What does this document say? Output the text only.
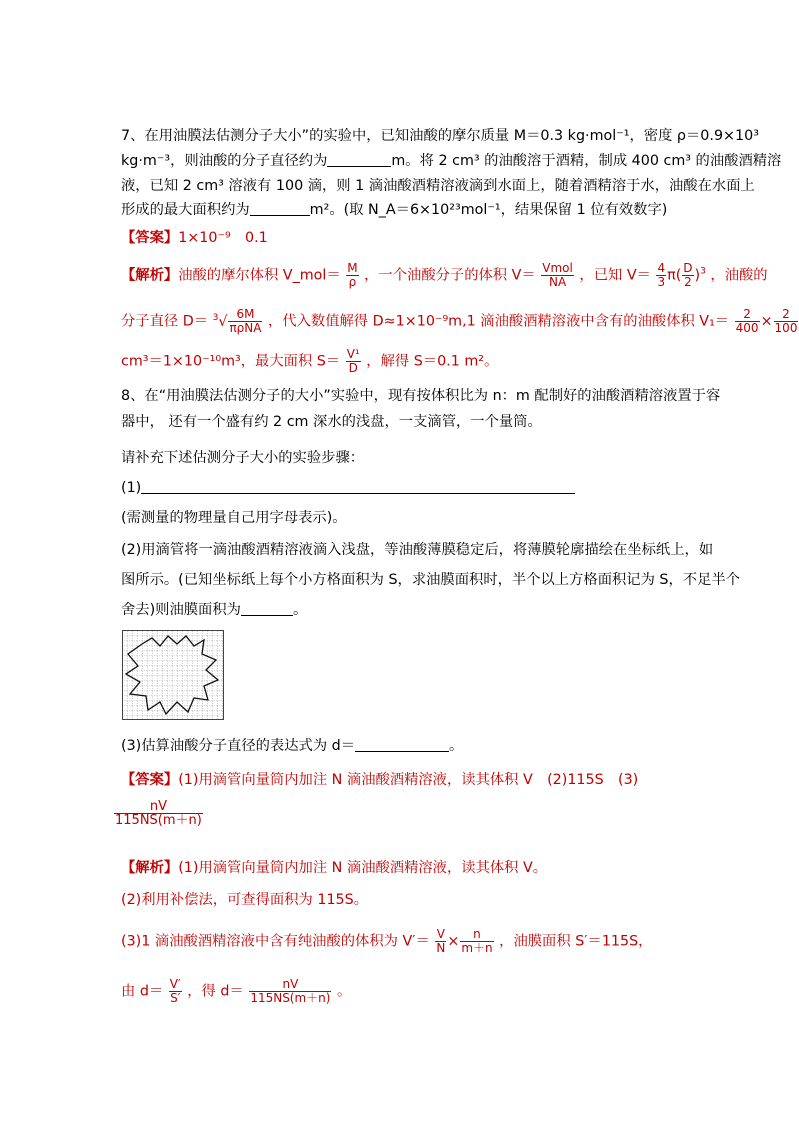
7、在用油膜法估测分子大小”的实验中，已知油酸的摩尔质量 M＝0.3 kg·mol⁻¹，密度 ρ＝0.9×10³
kg·m⁻³，则油酸的分子直径约为	m。将 2 cm³ 的油酸溶于酒精，制成 400 cm³ 的油酸酒精溶
液，已知 2 cm³ 溶液有 100 滴，则 1 滴油酸酒精溶液滴到水面上，随着酒精溶于水，油酸在水面上
形成的最大面积约为	m²。(取 N_A＝6×10²³mol⁻¹，结果保留 1 位有效数字)
【答案】1×10⁻⁹　0.1
【解析】油酸的摩尔体积 V_mol＝ $\frac{M}{\rho}$ ，一个油酸分子的体积 $V= \frac{\text{Vmol}}{NA}$ ，已知 $V= \frac{4}{3} \pi( \frac{D}{2} )^3$ ，油酸的
分子直径 $D= ^3√ \frac{6M}{\text{πρNA}}$ ，代入数值解得 D≈1×10⁻⁹m,1 滴油酸酒精溶液中含有的油酸体积 $V_1= \frac{2}{400} \times \frac{2}{100}$
cm³＝1×10⁻¹⁰m³，最大面积 $S= \frac{\text{V¹}}{D}$ ，解得 S＝0.1 m²。
8、在“用油膜法估测分子的大小”实验中，现有按体积比为 n：m 配制好的油酸酒精溶液置于容
器中， 还有一个盛有约 2 cm 深水的浅盘，一支滴管，一个量筒。
请补充下述估测分子大小的实验步骤：
(1)
(需测量的物理量自己用字母表示)。
(2)用滴管将一滴油酸酒精溶液滴入浅盘，等油酸薄膜稳定后，将薄膜轮廓描绘在坐标纸上，如
图所示。(已知坐标纸上每个小方格面积为 S，求油膜面积时，半个以上方格面积记为 S，不足半个
舍去)则油膜面积为	。
(3)估算油酸分子直径的表达式为 d＝	。
【答案】(1)用滴管向量筒内加注 N 滴油酸酒精溶液，读其体积 V　(2)115S　(3)
$\frac{nV}{115NS(m+n)}$
【解析】(1)用滴管向量筒内加注 N 滴油酸酒精溶液，读其体积 V。
(2)利用补偿法，可查得面积为 115S。
(3)1 滴油酸酒精溶液中含有纯油酸的体积为 $V'= \frac{V}{N} \times \frac{n}{m+n}$ ，油膜面积 S′＝115S，
由 $d= \frac{V'}{S'}$ ，得 $d= \frac{nV}{115NS(m+n)}$ 。
